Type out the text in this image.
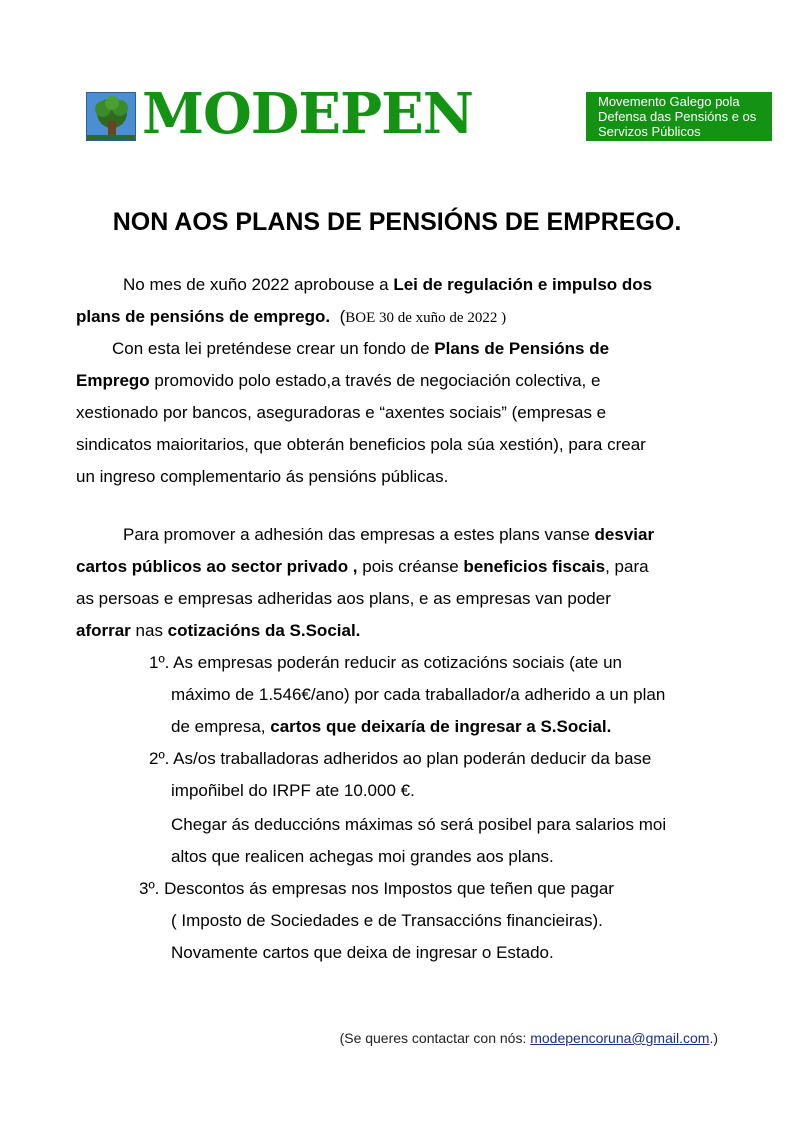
MODEPEN	Movemento Galego pola
Defensa das Pensións e os
Servizos Públicos
NON AOS PLANS DE PENSIÓNS DE EMPREGO.

No mes de xuño 2022 aprobouse a Lei de regulación e impulso dos

plans de pensións de emprego. (BOE 30 de xuño de 2022 )

Con esta lei preténdese crear un fondo de Plans de Pensións de

Emprego promovido polo estado,a través de negociación colectiva, e

xestionado por bancos, aseguradoras e “axentes sociais” (empresas e

sindicatos maioritarios, que obterán beneficios pola súa xestión), para crear

un ingreso complementario ás pensións públicas.

Para promover a adhesión das empresas a estes plans vanse desviar

cartos públicos ao sector privado , pois créanse beneficios fiscais, para

as persoas e empresas adheridas aos plans, e as empresas van poder

aforrar nas cotizacións da S.Social.

1º. As empresas poderán reducir as cotizacións sociais (ate un

máximo de 1.546€/ano) por cada traballador/a adherido a un plan

de empresa, cartos que deixaría de ingresar a S.Social.

2º. As/os traballadoras adheridos ao plan poderán deducir da base

impoñibel do IRPF ate 10.000 €.

Chegar ás deduccións máximas só será posibel para salarios moi

altos que realicen achegas moi grandes aos plans.

3º. Descontos ás empresas nos Impostos que teñen que pagar

( Imposto de Sociedades e de Transaccións financieiras).

Novamente cartos que deixa de ingresar o Estado.

(Se queres contactar con nós: modepencoruna@gmail.com.)
